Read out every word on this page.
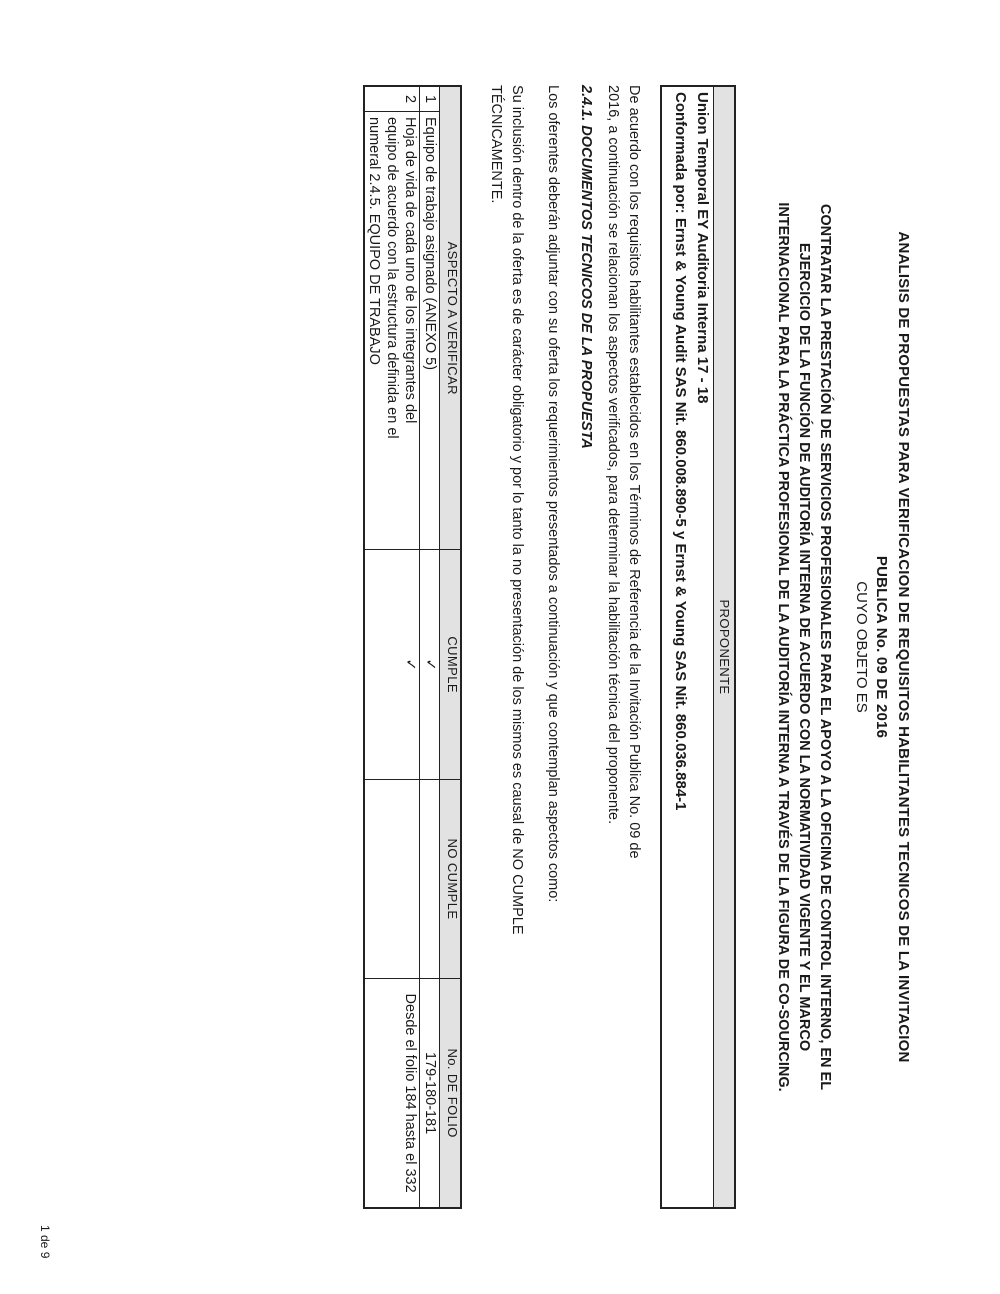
ANALISIS DE PROPUESTAS PARA VERIFICACION DE REQUISITOS HABILITANTES TECNICOS DE LA INVITACION
PUBLICA No. 09 DE 2016
CUYO OBJETO ES
CONTRATAR LA PRESTACIÓN DE SERVICIOS PROFESIONALES PARA EL APOYO A LA OFICINA DE CONTROL INTERNO, EN EL
EJERCICIO DE LA FUNCIÓN DE AUDITORÍA INTERNA DE ACUERDO CON LA NORMATIVIDAD VIGENTE Y EL MARCO
INTERNACIONAL PARA LA PRÁCTICA PROFESIONAL DE LA AUDITORÍA INTERNA A TRAVÉS DE LA FIGURA DE CO-SOURCING.
PROPONENTE
Union Temporal EY Auditoria Interna 17 - 18
Conformada por: Ernst & Young Audit SAS Nit. 860.008.890-5 y Ernst & Young SAS Nit. 860.036.884-1
De acuerdo con los requisitos habilitantes establecidos en los Términos de Referencia de la Invitación Publica No. 09 de
2016, a continuación se relacionan los aspectos verificados, para determinar la habilitación técnica del proponente.
2.4.1. DOCUMENTOS TECNICOS DE LA PROPUESTA
Los oferentes deberán adjuntar con su oferta los requerimientos presentados a continuación y que contemplan aspectos como:
Su inclusión dentro de la oferta es de carácter obligatorio y por lo tanto la no presentación de los mismos es causal de NO CUMPLE
TÉCNICAMENTE.
ASPECTO A VERIFICAR		CUMPLE	NO CUMPLE	No. DE FOLIO
1	Equipo de trabajo asignado (ANEXO 5)	✓		179-180-181
2	Hoja de vida de cada uno de los integrantes del
equipo de acuerdo con la estructura definida en el
numeral 2.4.5. EQUIPO DE TRABAJO	✓		Desde el folio 184 hasta el 332
1 de 9
